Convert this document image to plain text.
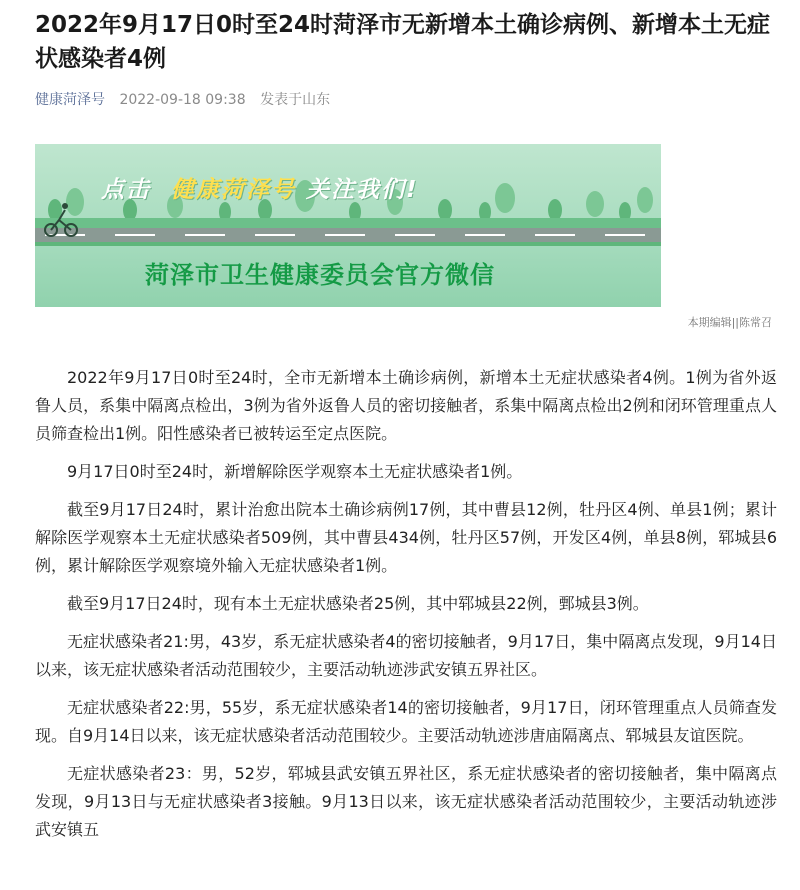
2022年9月17日0时至24时菏泽市无新增本土确诊病例、新增本土无症状感染者4例
健康菏泽号 2022-09-18 09:38 发表于山东
点击 健康菏泽号 关注我们!
菏泽市卫生健康委员会官方微信
本期编辑||陈常召

2022年9月17日0时至24时，全市无新增本土确诊病例，新增本土无症状感染者4例。1例为省外返鲁人员，系集中隔离点检出，3例为省外返鲁人员的密切接触者，系集中隔离点检出2例和闭环管理重点人员筛查检出1例。阳性感染者已被转运至定点医院。

9月17日0时至24时，新增解除医学观察本土无症状感染者1例。

截至9月17日24时，累计治愈出院本土确诊病例17例，其中曹县12例，牡丹区4例、单县1例；累计解除医学观察本土无症状感染者509例，其中曹县434例，牡丹区57例，开发区4例，单县8例，郓城县6例，累计解除医学观察境外输入无症状感染者1例。

截至9月17日24时，现有本土无症状感染者25例，其中郓城县22例，鄄城县3例。

无症状感染者21:男，43岁，系无症状感染者4的密切接触者，9月17日，集中隔离点发现，9月14日以来，该无症状感染者活动范围较少，主要活动轨迹涉武安镇五界社区。

无症状感染者22:男，55岁，系无症状感染者14的密切接触者，9月17日，闭环管理重点人员筛查发现。自9月14日以来，该无症状感染者活动范围较少。主要活动轨迹涉唐庙隔离点、郓城县友谊医院。

无症状感染者23：男，52岁，郓城县武安镇五界社区，系无症状感染者的密切接触者，集中隔离点发现，9月13日与无症状感染者3接触。9月13日以来，该无症状感染者活动范围较少，主要活动轨迹涉武安镇五
